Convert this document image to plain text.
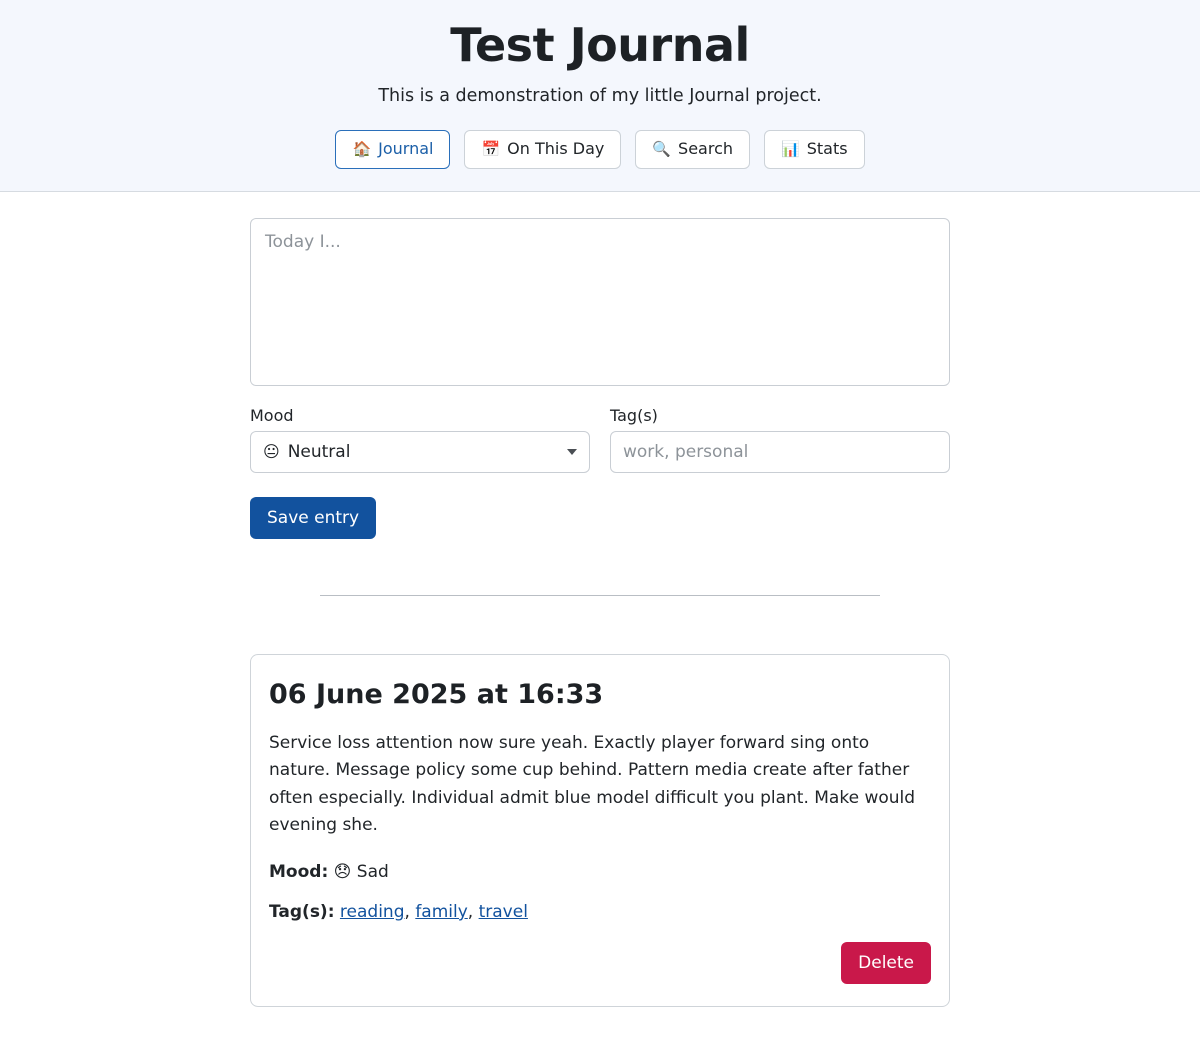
Test Journal
This is a demonstration of my little Journal project.
🏠 Journal	📅 On This Day	🔍 Search	📊 Stats
Today I...
Mood
😐 Neutral
Tag(s)
work, personal
Save entry
06 June 2025 at 16:33

Service loss attention now sure yeah. Exactly player forward sing onto nature. Message policy some cup behind. Pattern media create after father often especially. Individual admit blue model difficult you plant. Make would evening she.

Mood: 😞 Sad
Tag(s): reading, family, travel
Delete
